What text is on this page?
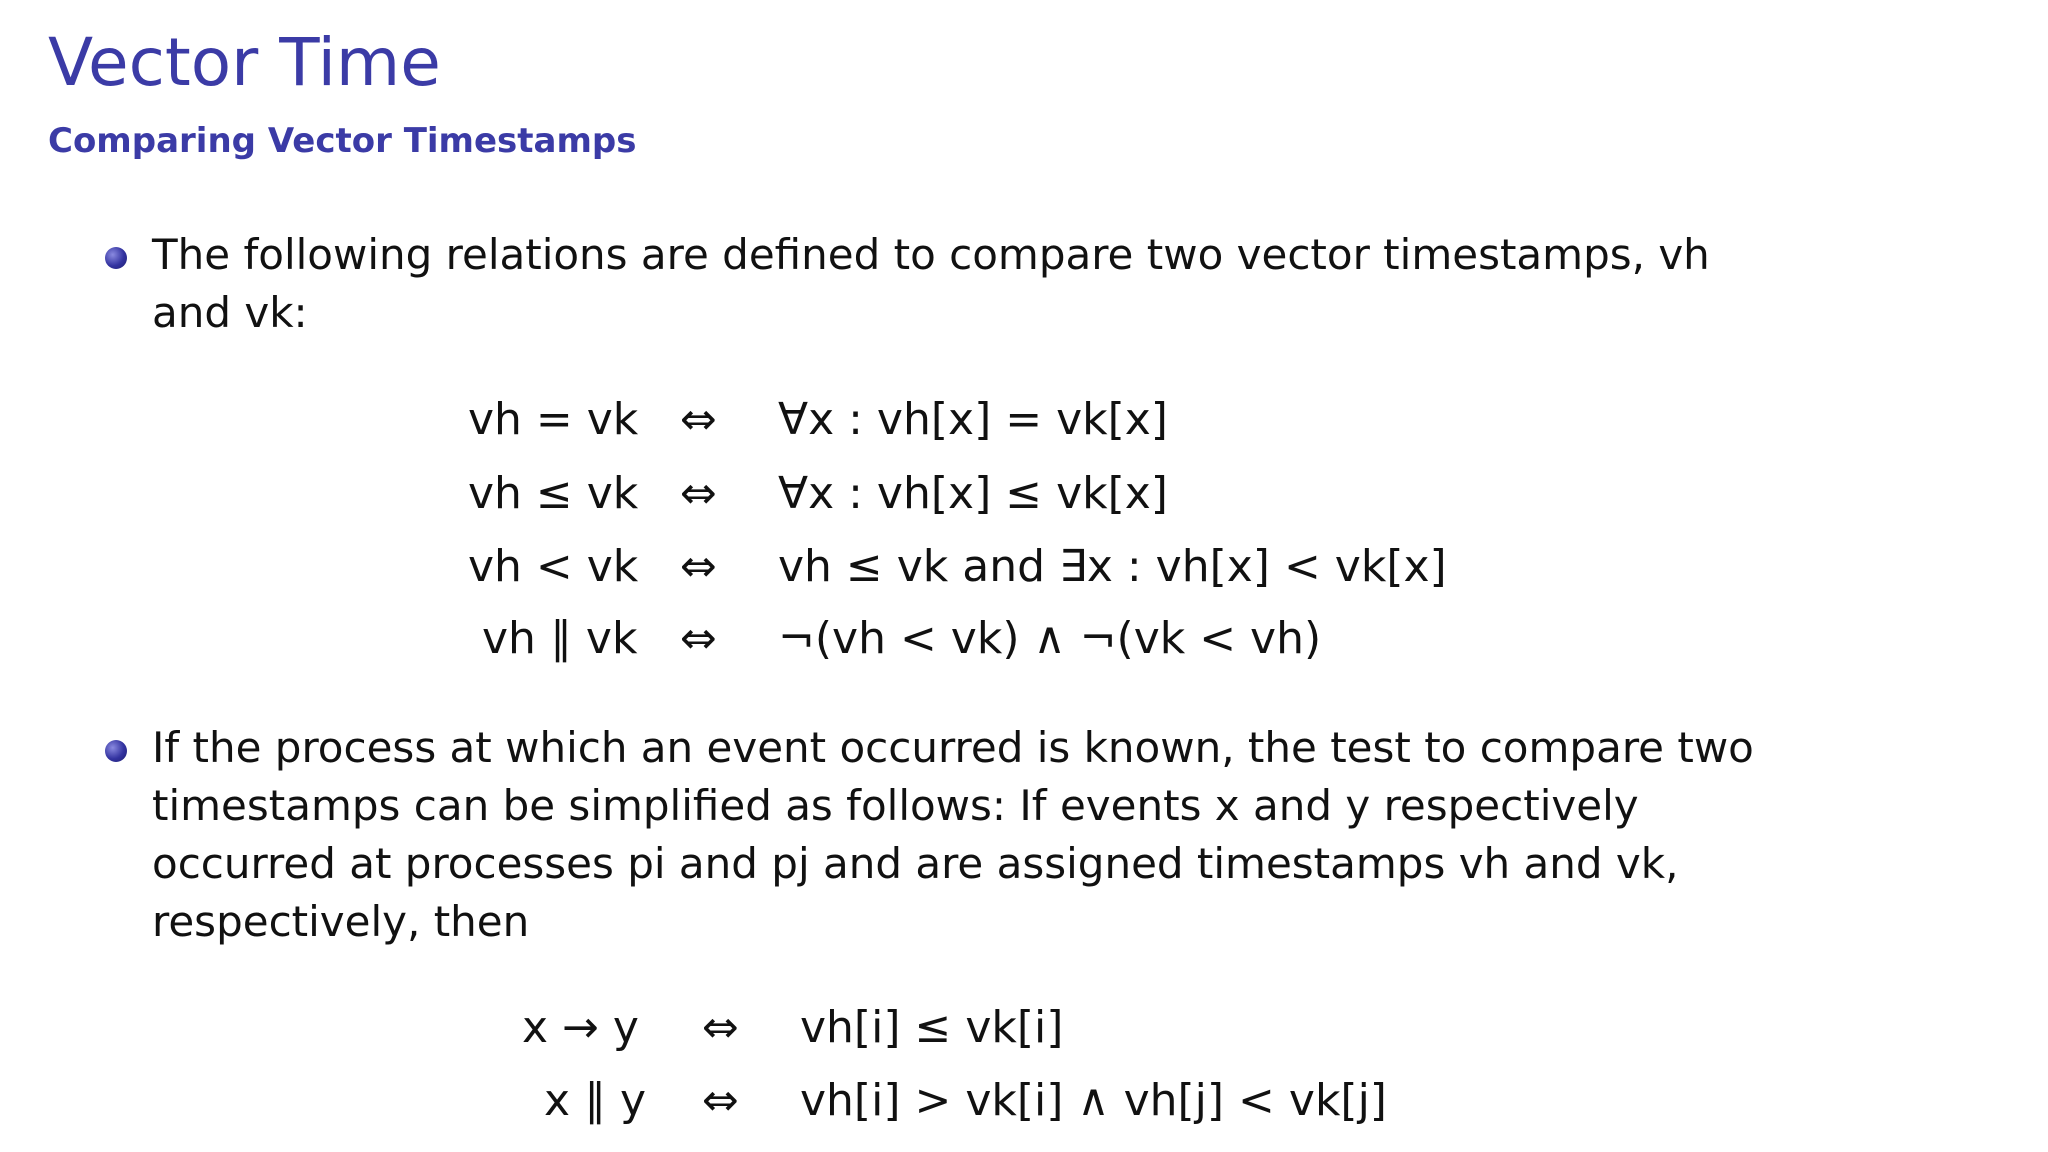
Vector Time
Comparing Vector Timestamps
The following relations are defined to compare two vector timestamps, vh
and vk:
vh = vk ⇔ ∀x : vh[x] = vk[x]
vh ≤ vk ⇔ ∀x : vh[x] ≤ vk[x]
vh < vk ⇔ vh ≤ vk and ∃x : vh[x] < vk[x]
vh ∥ vk ⇔ ¬(vh < vk) ∧ ¬(vk < vh)
If the process at which an event occurred is known, the test to compare two
timestamps can be simplified as follows: If events x and y respectively
occurred at processes pi and pj and are assigned timestamps vh and vk,
respectively, then
x → y ⇔ vh[i] ≤ vk[i]
x ∥ y ⇔ vh[i] > vk[i] ∧ vh[j] < vk[j]
